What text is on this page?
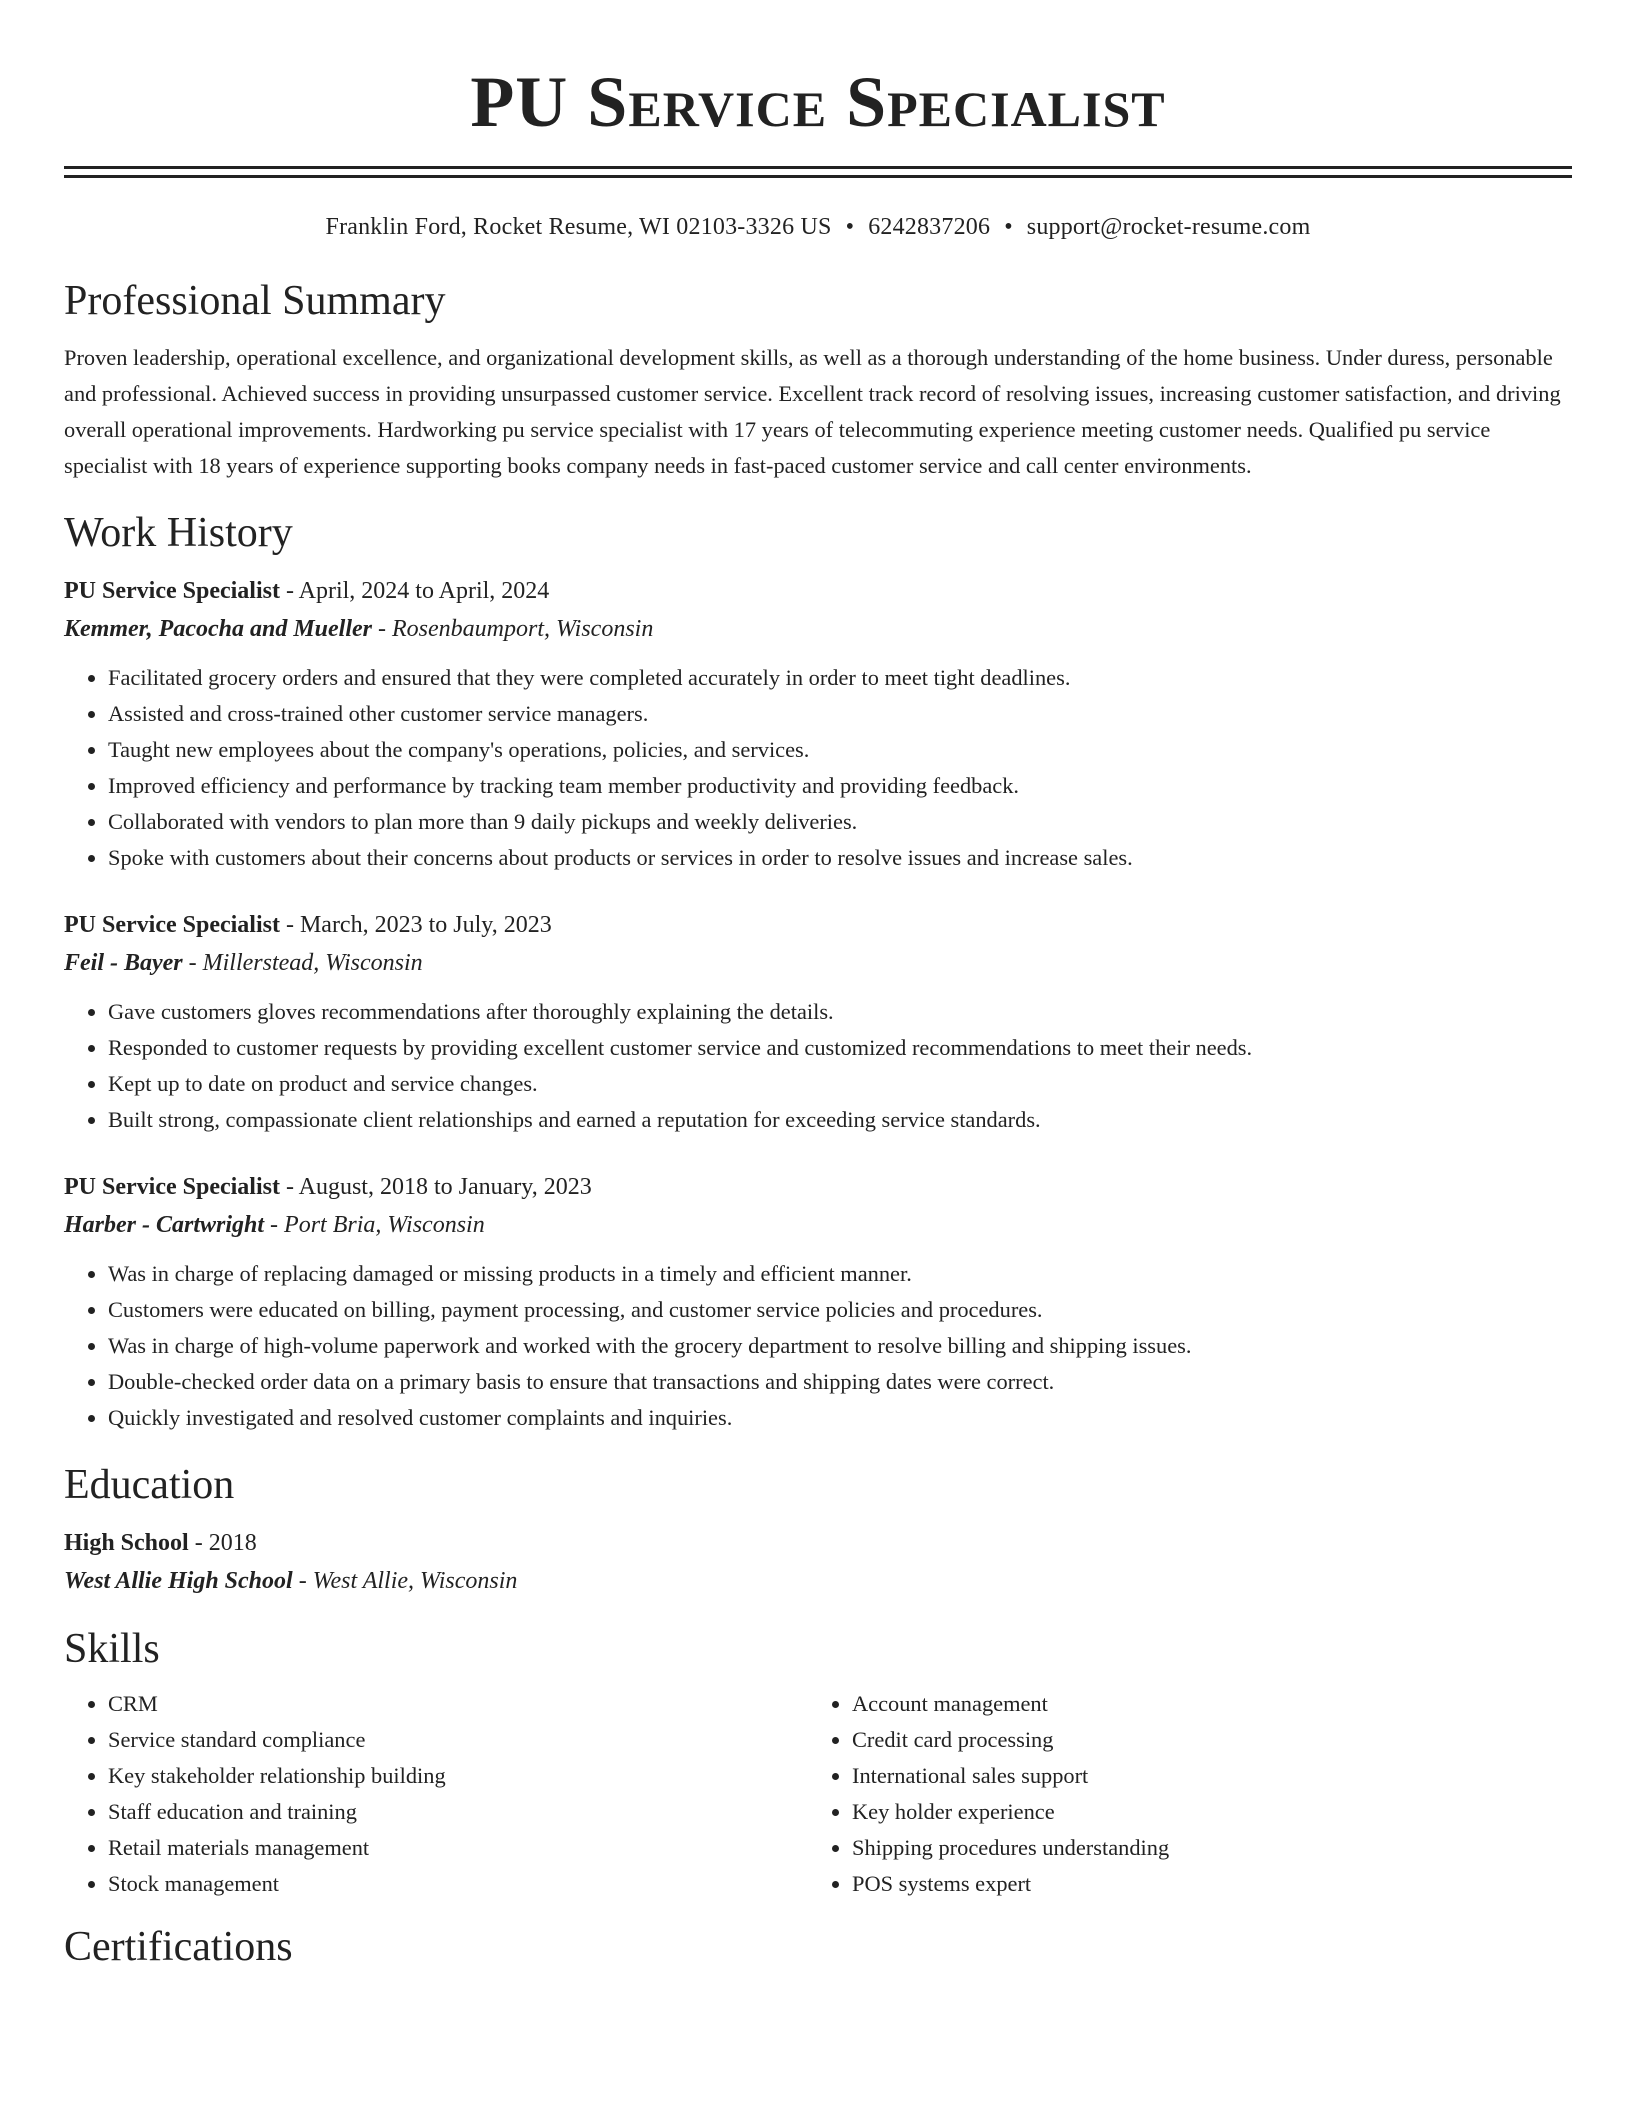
PU Service Specialist
Franklin Ford, Rocket Resume, WI 02103-3326 US • 6242837206 • support@rocket-resume.com
Professional Summary
Proven leadership, operational excellence, and organizational development skills, as well as a thorough understanding of the home business. Under duress, personable and professional. Achieved success in providing unsurpassed customer service. Excellent track record of resolving issues, increasing customer satisfaction, and driving overall operational improvements. Hardworking pu service specialist with 17 years of telecommuting experience meeting customer needs. Qualified pu service specialist with 18 years of experience supporting books company needs in fast-paced customer service and call center environments.
Work History
PU Service Specialist - April, 2024 to April, 2024
Kemmer, Pacocha and Mueller - Rosenbaumport, Wisconsin
• Facilitated grocery orders and ensured that they were completed accurately in order to meet tight deadlines.
• Assisted and cross-trained other customer service managers.
• Taught new employees about the company's operations, policies, and services.
• Improved efficiency and performance by tracking team member productivity and providing feedback.
• Collaborated with vendors to plan more than 9 daily pickups and weekly deliveries.
• Spoke with customers about their concerns about products or services in order to resolve issues and increase sales.
PU Service Specialist - March, 2023 to July, 2023
Feil - Bayer - Millerstead, Wisconsin
• Gave customers gloves recommendations after thoroughly explaining the details.
• Responded to customer requests by providing excellent customer service and customized recommendations to meet their needs.
• Kept up to date on product and service changes.
• Built strong, compassionate client relationships and earned a reputation for exceeding service standards.
PU Service Specialist - August, 2018 to January, 2023
Harber - Cartwright - Port Bria, Wisconsin
• Was in charge of replacing damaged or missing products in a timely and efficient manner.
• Customers were educated on billing, payment processing, and customer service policies and procedures.
• Was in charge of high-volume paperwork and worked with the grocery department to resolve billing and shipping issues.
• Double-checked order data on a primary basis to ensure that transactions and shipping dates were correct.
• Quickly investigated and resolved customer complaints and inquiries.
Education
High School - 2018
West Allie High School - West Allie, Wisconsin
Skills
• CRM
• Service standard compliance
• Key stakeholder relationship building
• Staff education and training
• Retail materials management
• Stock management
• Account management
• Credit card processing
• International sales support
• Key holder experience
• Shipping procedures understanding
• POS systems expert
Certifications
